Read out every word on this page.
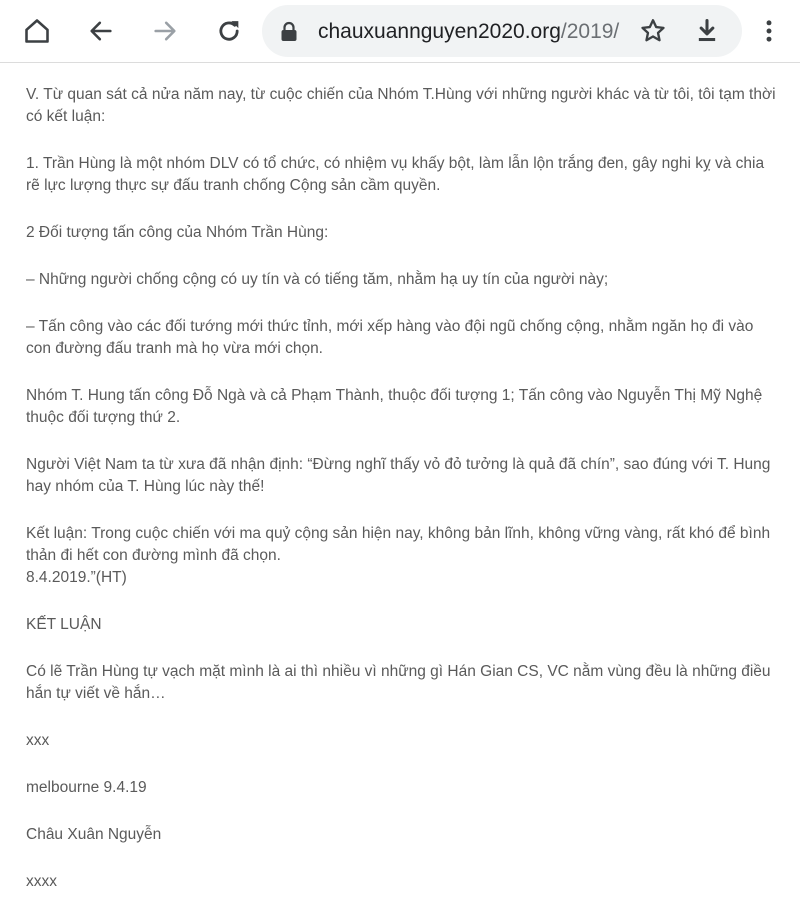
chauxuannguyen2020.org/2019/

V. Từ quan sát cả nửa năm nay, từ cuộc chiến của Nhóm T.Hùng với những người khác và từ tôi, tôi tạm thời có kết luận:

1. Trần Hùng là một nhóm DLV có tổ chức, có nhiệm vụ khấy bột, làm lẫn lộn trắng đen, gây nghi kỵ và chia rẽ lực lượng thực sự đấu tranh chống Cộng sản cầm quyền.

2 Đối tượng tấn công của Nhóm Trần Hùng:

– Những người chống cộng có uy tín và có tiếng tăm, nhằm hạ uy tín của người này;

– Tấn công vào các đối tướng mới thức tỉnh, mới xếp hàng vào đội ngũ chống cộng, nhằm ngăn họ đi vào con đường đấu tranh mà họ vừa mới chọn.

Nhóm T. Hung tấn công Đỗ Ngà và cả Phạm Thành, thuộc đối tượng 1; Tấn công vào Nguyễn Thị Mỹ Nghệ thuộc đối tượng thứ 2.

Người Việt Nam ta từ xưa đã nhận định: “Đừng nghĩ thấy vỏ đỏ tưởng là quả đã chín”, sao đúng với T. Hung hay nhóm của T. Hùng lúc này thế!

Kết luận: Trong cuộc chiến với ma quỷ cộng sản hiện nay, không bản lĩnh, không vững vàng, rất khó để bình thản đi hết con đường mình đã chọn.
8.4.2019.”(HT)

KẾT LUẬN

Có lẽ Trần Hùng tự vạch mặt mình là ai thì nhiều vì những gì Hán Gian CS, VC nằm vùng đều là những điều hắn tự viết về hắn…

xxx

melbourne 9.4.19

Châu Xuân Nguyễn

xxxx
